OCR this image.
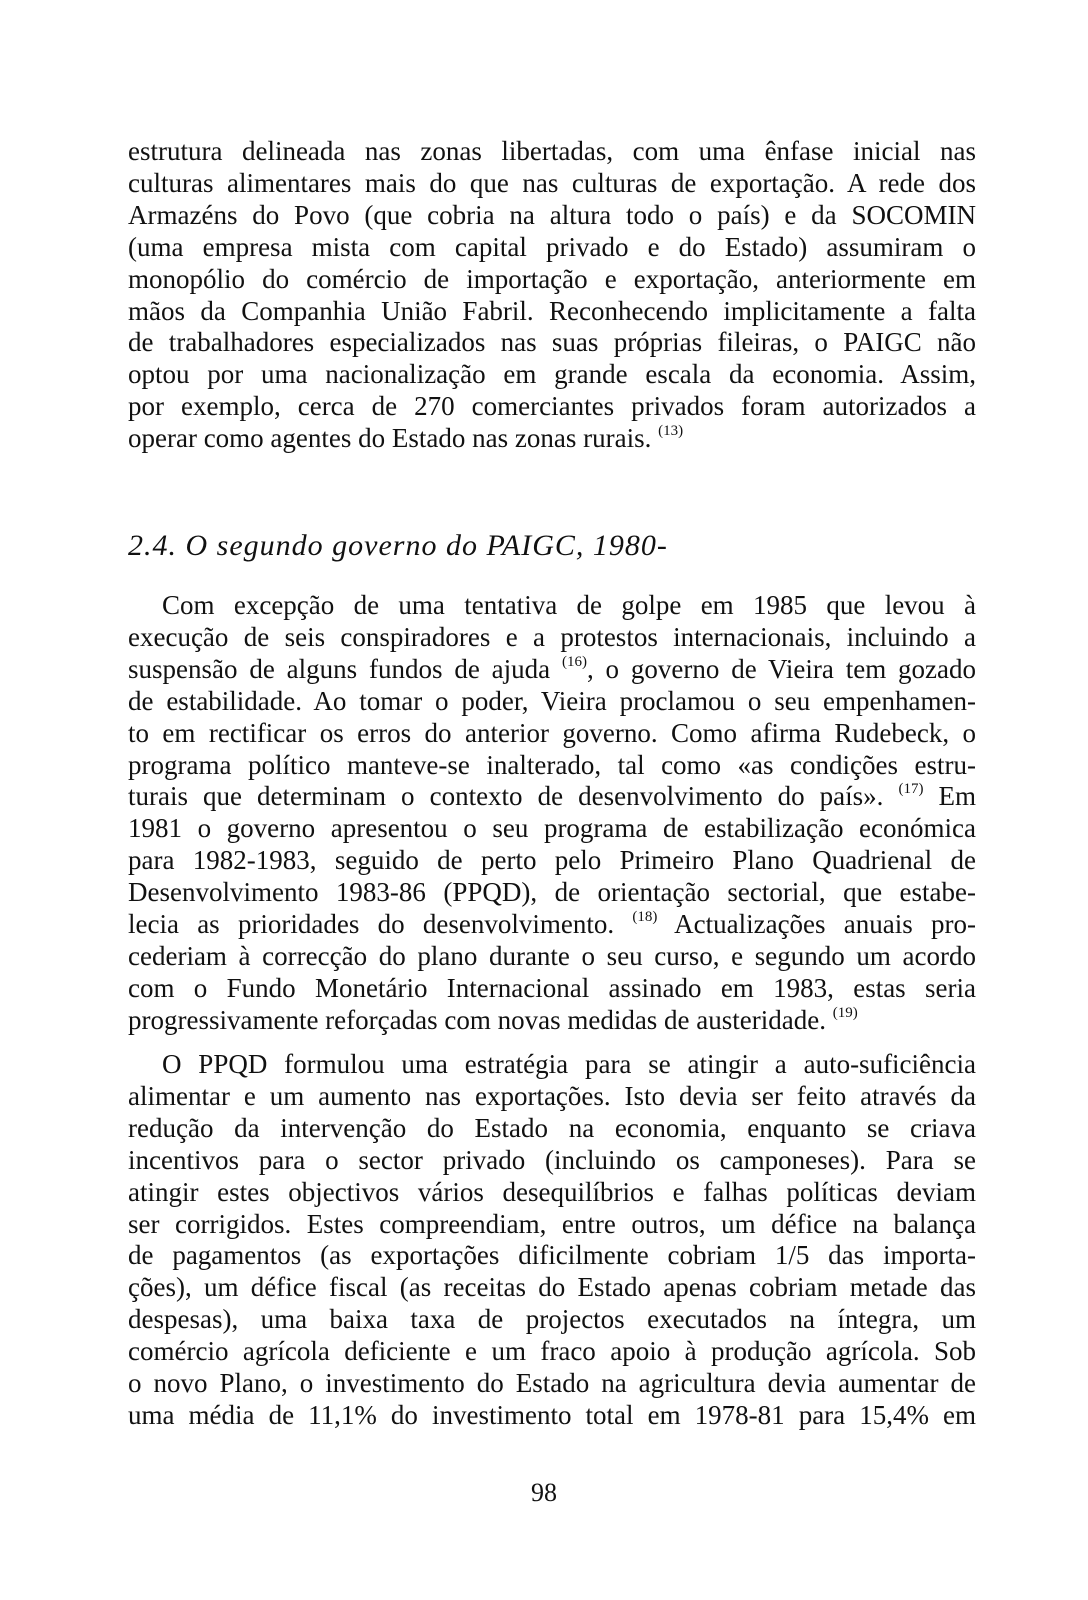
estrutura delineada nas zonas libertadas, com uma ênfase inicial nas
culturas alimentares mais do que nas culturas de exportação. A rede dos
Armazéns do Povo (que cobria na altura todo o país) e da SOCOMIN
(uma empresa mista com capital privado e do Estado) assumiram o
monopólio do comércio de importação e exportação, anteriormente em
mãos da Companhia União Fabril. Reconhecendo implicitamente a falta
de trabalhadores especializados nas suas próprias fileiras, o PAIGC não
optou por uma nacionalização em grande escala da economia. Assim,
por exemplo, cerca de 270 comerciantes privados foram autorizados a
operar como agentes do Estado nas zonas rurais. $^{(13)}$
2.4. O segundo governo do PAIGC, 1980-
Com excepção de uma tentativa de golpe em 1985 que levou à
execução de seis conspiradores e a protestos internacionais, incluindo a
suspensão de alguns fundos de ajuda $^{(16)}$, o governo de Vieira tem gozado
de estabilidade. Ao tomar o poder, Vieira proclamou o seu empenhamen-
to em rectificar os erros do anterior governo. Como afirma Rudebeck, o
programa político manteve-se inalterado, tal como «as condições estru-
turais que determinam o contexto de desenvolvimento do país». $^{(17)}$ Em
1981 o governo apresentou o seu programa de estabilização económica
para 1982-1983, seguido de perto pelo Primeiro Plano Quadrienal de
Desenvolvimento 1983-86 (PPQD), de orientação sectorial, que estabe-
lecia as prioridades do desenvolvimento. $^{(18)}$ Actualizações anuais pro-
cederiam à correcção do plano durante o seu curso, e segundo um acordo
com o Fundo Monetário Internacional assinado em 1983, estas seria
progressivamente reforçadas com novas medidas de austeridade. $^{(19)}$
O PPQD formulou uma estratégia para se atingir a auto-suficiência
alimentar e um aumento nas exportações. Isto devia ser feito através da
redução da intervenção do Estado na economia, enquanto se criava
incentivos para o sector privado (incluindo os camponeses). Para se
atingir estes objectivos vários desequilíbrios e falhas políticas deviam
ser corrigidos. Estes compreendiam, entre outros, um défice na balança
de pagamentos (as exportações dificilmente cobriam 1/5 das importa-
ções), um défice fiscal (as receitas do Estado apenas cobriam metade das
despesas), uma baixa taxa de projectos executados na íntegra, um
comércio agrícola deficiente e um fraco apoio à produção agrícola. Sob
o novo Plano, o investimento do Estado na agricultura devia aumentar de
uma média de 11,1% do investimento total em 1978-81 para 15,4% em
98
